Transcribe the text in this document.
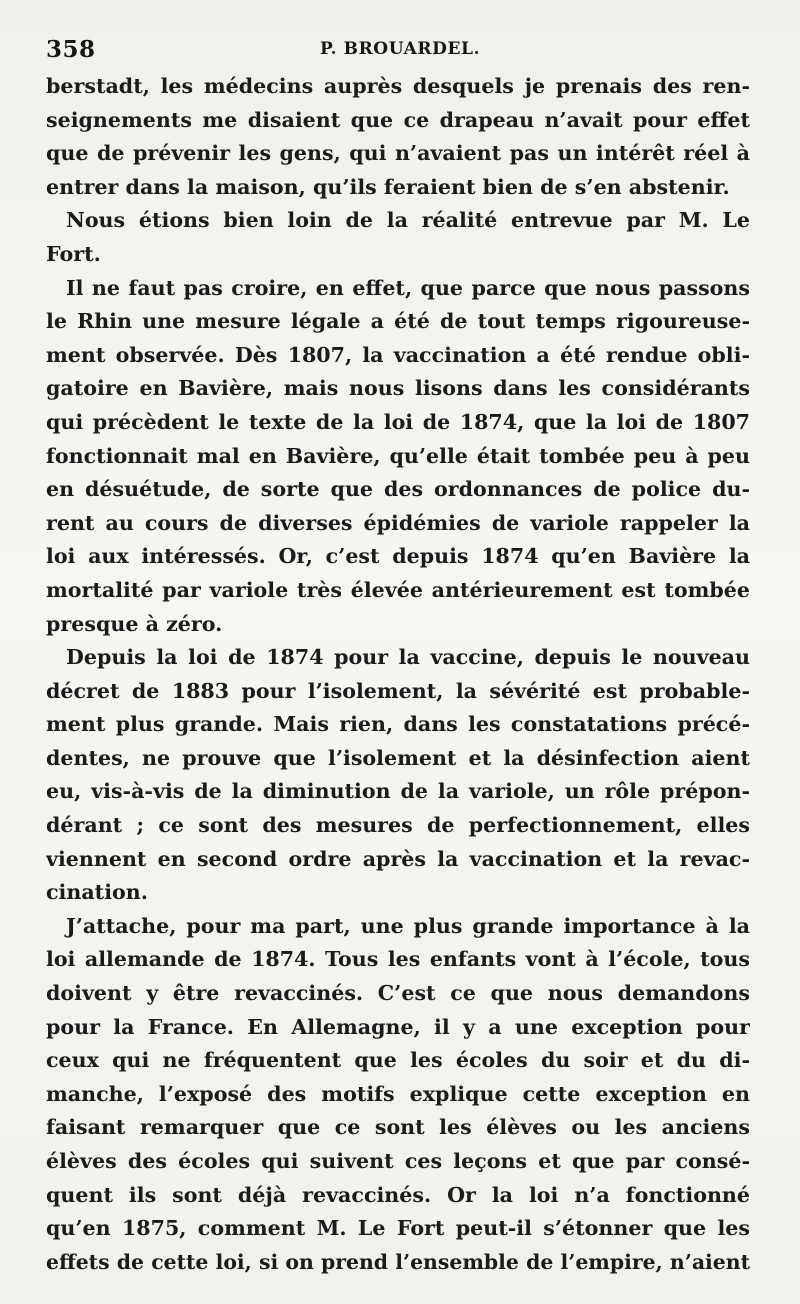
358	P. BROUARDEL.
berstadt, les médecins auprès desquels je prenais des ren-
seignements me disaient que ce drapeau n’avait pour effet
que de prévenir les gens, qui n’avaient pas un intérêt réel à
entrer dans la maison, qu’ils feraient bien de s’en abstenir.
Nous étions bien loin de la réalité entrevue par M. Le
Fort.
Il ne faut pas croire, en effet, que parce que nous passons
le Rhin une mesure légale a été de tout temps rigoureuse-
ment observée. Dès 1807, la vaccination a été rendue obli-
gatoire en Bavière, mais nous lisons dans les considérants
qui précèdent le texte de la loi de 1874, que la loi de 1807
fonctionnait mal en Bavière, qu’elle était tombée peu à peu
en désuétude, de sorte que des ordonnances de police du-
rent au cours de diverses épidémies de variole rappeler la
loi aux intéressés. Or, c’est depuis 1874 qu’en Bavière la
mortalité par variole très élevée antérieurement est tombée
presque à zéro.
Depuis la loi de 1874 pour la vaccine, depuis le nouveau
décret de 1883 pour l’isolement, la sévérité est probable-
ment plus grande. Mais rien, dans les constatations précé-
dentes, ne prouve que l’isolement et la désinfection aient
eu, vis-à-vis de la diminution de la variole, un rôle prépon-
dérant ; ce sont des mesures de perfectionnement, elles
viennent en second ordre après la vaccination et la revac-
cination.
J’attache, pour ma part, une plus grande importance à la
loi allemande de 1874. Tous les enfants vont à l’école, tous
doivent y être revaccinés. C’est ce que nous demandons
pour la France. En Allemagne, il y a une exception pour
ceux qui ne fréquentent que les écoles du soir et du di-
manche, l’exposé des motifs explique cette exception en
faisant remarquer que ce sont les élèves ou les anciens
élèves des écoles qui suivent ces leçons et que par consé-
quent ils sont déjà revaccinés. Or la loi n’a fonctionné
qu’en 1875, comment M. Le Fort peut-il s’étonner que les
effets de cette loi, si on prend l’ensemble de l’empire, n’aient
